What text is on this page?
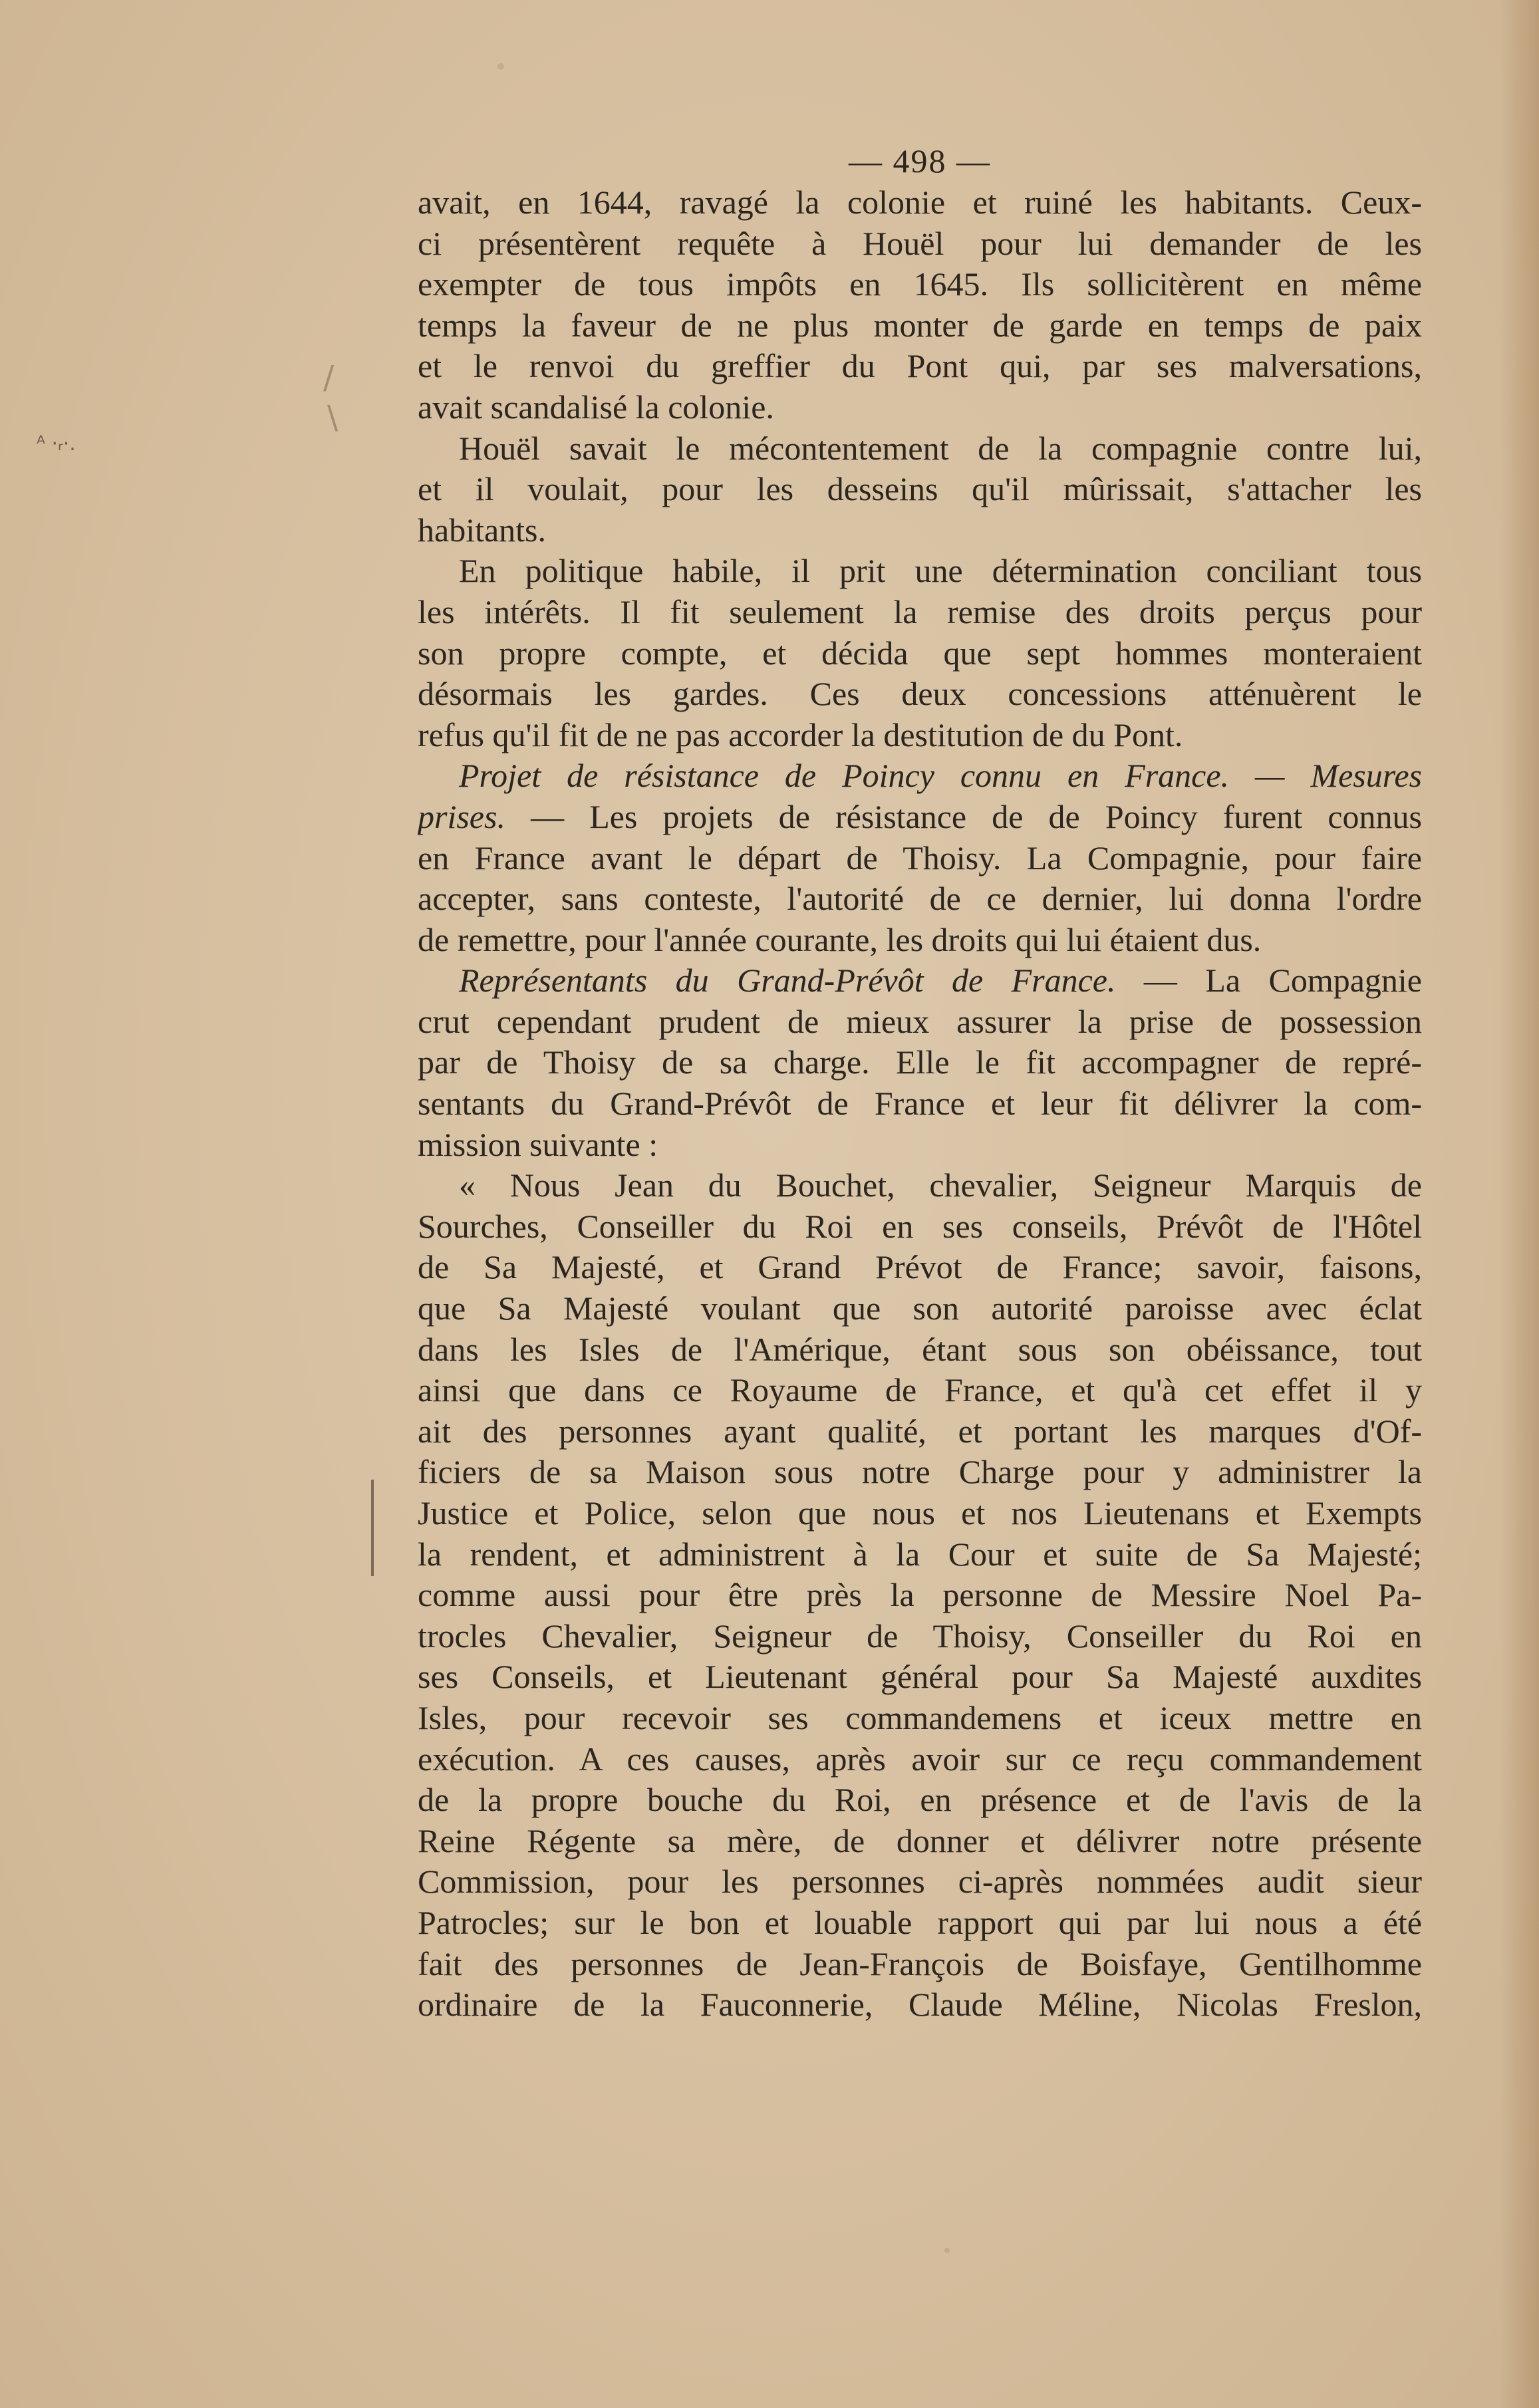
ᴬ ·ᵣ·.
/
\
— 498 —
avait, en 1644, ravagé la colonie et ruiné les habitants. Ceux-
ci présentèrent requête à Houël pour lui demander de les
exempter de tous impôts en 1645. Ils sollicitèrent en même
temps la faveur de ne plus monter de garde en temps de paix
et le renvoi du greffier du Pont qui, par ses malversations,
avait scandalisé la colonie.
Houël savait le mécontentement de la compagnie contre lui,
et il voulait, pour les desseins qu'il mûrissait, s'attacher les
habitants.
En politique habile, il prit une détermination conciliant tous
les intérêts. Il fit seulement la remise des droits perçus pour
son propre compte, et décida que sept hommes monteraient
désormais les gardes. Ces deux concessions atténuèrent le
refus qu'il fit de ne pas accorder la destitution de du Pont.
Projet de résistance de Poincy connu en France. — Mesures
prises. — Les projets de résistance de de Poincy furent connus
en France avant le départ de Thoisy. La Compagnie, pour faire
accepter, sans conteste, l'autorité de ce dernier, lui donna l'ordre
de remettre, pour l'année courante, les droits qui lui étaient dus.
Représentants du Grand-Prévôt de France. — La Compagnie
crut cependant prudent de mieux assurer la prise de possession
par de Thoisy de sa charge. Elle le fit accompagner de repré-
sentants du Grand-Prévôt de France et leur fit délivrer la com-
mission suivante :
« Nous Jean du Bouchet, chevalier, Seigneur Marquis de
Sourches, Conseiller du Roi en ses conseils, Prévôt de l'Hôtel
de Sa Majesté, et Grand Prévot de France; savoir, faisons,
que Sa Majesté voulant que son autorité paroisse avec éclat
dans les Isles de l'Amérique, étant sous son obéissance, tout
ainsi que dans ce Royaume de France, et qu'à cet effet il y
ait des personnes ayant qualité, et portant les marques d'Of-
ficiers de sa Maison sous notre Charge pour y administrer la
Justice et Police, selon que nous et nos Lieutenans et Exempts
la rendent, et administrent à la Cour et suite de Sa Majesté;
comme aussi pour être près la personne de Messire Noel Pa-
trocles Chevalier, Seigneur de Thoisy, Conseiller du Roi en
ses Conseils, et Lieutenant général pour Sa Majesté auxdites
Isles, pour recevoir ses commandemens et iceux mettre en
exécution. A ces causes, après avoir sur ce reçu commandement
de la propre bouche du Roi, en présence et de l'avis de la
Reine Régente sa mère, de donner et délivrer notre présente
Commission, pour les personnes ci-après nommées audit sieur
Patrocles; sur le bon et louable rapport qui par lui nous a été
fait des personnes de Jean-François de Boisfaye, Gentilhomme
ordinaire de la Fauconnerie, Claude Méline, Nicolas Freslon,
